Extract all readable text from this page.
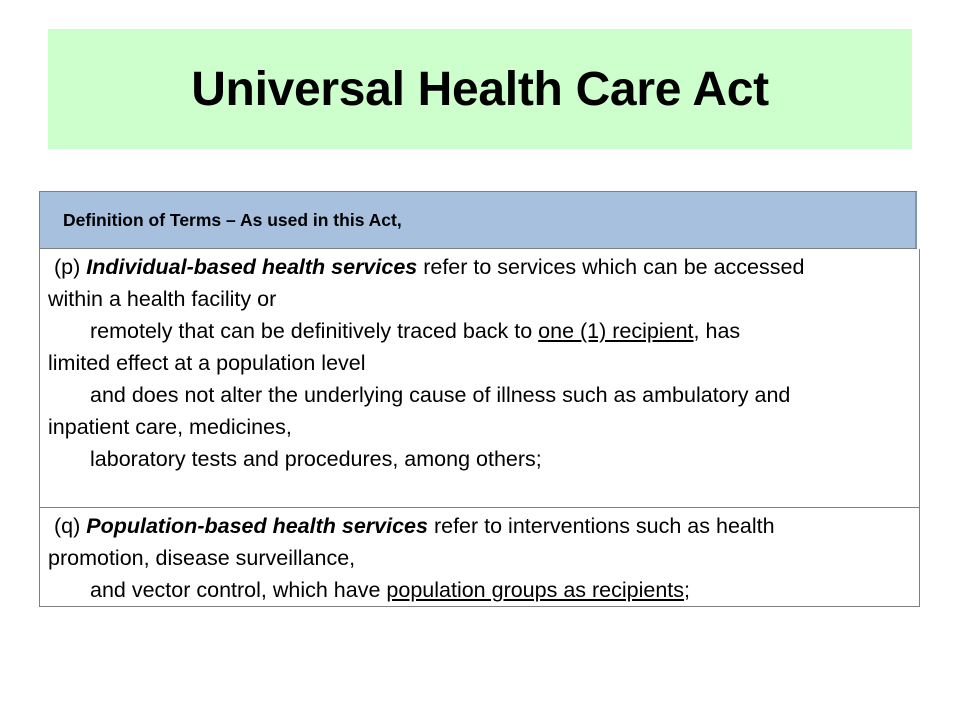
Universal Health Care Act
Definition of Terms – As used in this Act,

(p) Individual-based health services refer to services which can be accessed
within a health facility or
remotely that can be definitively traced back to one (1) recipient, has
limited effect at a population level
and does not alter the underlying cause of illness such as ambulatory and
inpatient care, medicines,
laboratory tests and procedures, among others;

(q) Population-based health services refer to interventions such as health
promotion, disease surveillance,
and vector control, which have population groups as recipients;
